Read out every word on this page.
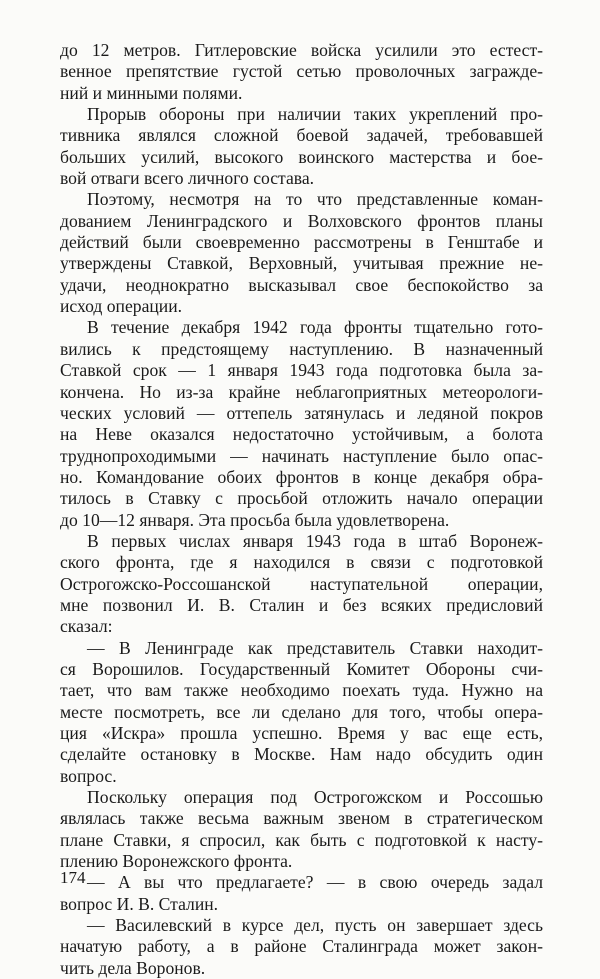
до 12 метров. Гитлеровские войска усилили это естест-
венное препятствие густой сетью проволочных загражде-
ний и минными полями.
Прорыв обороны при наличии таких укреплений про-
тивника являлся сложной боевой задачей, требовавшей
больших усилий, высокого воинского мастерства и бое-
вой отваги всего личного состава.
Поэтому, несмотря на то что представленные коман-
дованием Ленинградского и Волховского фронтов планы
действий были своевременно рассмотрены в Генштабе и
утверждены Ставкой, Верховный, учитывая прежние не-
удачи, неоднократно высказывал свое беспокойство за
исход операции.
В течение декабря 1942 года фронты тщательно гото-
вились к предстоящему наступлению. В назначенный
Ставкой срок — 1 января 1943 года подготовка была за-
кончена. Но из-за крайне неблагоприятных метеорологи-
ческих условий — оттепель затянулась и ледяной покров
на Неве оказался недостаточно устойчивым, а болота
труднопроходимыми — начинать наступление было опас-
но. Командование обоих фронтов в конце декабря обра-
тилось в Ставку с просьбой отложить начало операции
до 10—12 января. Эта просьба была удовлетворена.
В первых числах января 1943 года в штаб Воронеж-
ского фронта, где я находился в связи с подготовкой
Острогожско-Россошанской наступательной операции,
мне позвонил И. В. Сталин и без всяких предисловий
сказал:
— В Ленинграде как представитель Ставки находит-
ся Ворошилов. Государственный Комитет Обороны счи-
тает, что вам также необходимо поехать туда. Нужно на
месте посмотреть, все ли сделано для того, чтобы опера-
ция «Искра» прошла успешно. Время у вас еще есть,
сделайте остановку в Москве. Нам надо обсудить один
вопрос.
Поскольку операция под Острогожском и Россошью
являлась также весьма важным звеном в стратегическом
плане Ставки, я спросил, как быть с подготовкой к насту-
плению Воронежского фронта.
— А вы что предлагаете? — в свою очередь задал
вопрос И. В. Сталин.
— Василевский в курсе дел, пусть он завершает здесь
начатую работу, а в районе Сталинграда может закон-
чить дела Воронов.
174
